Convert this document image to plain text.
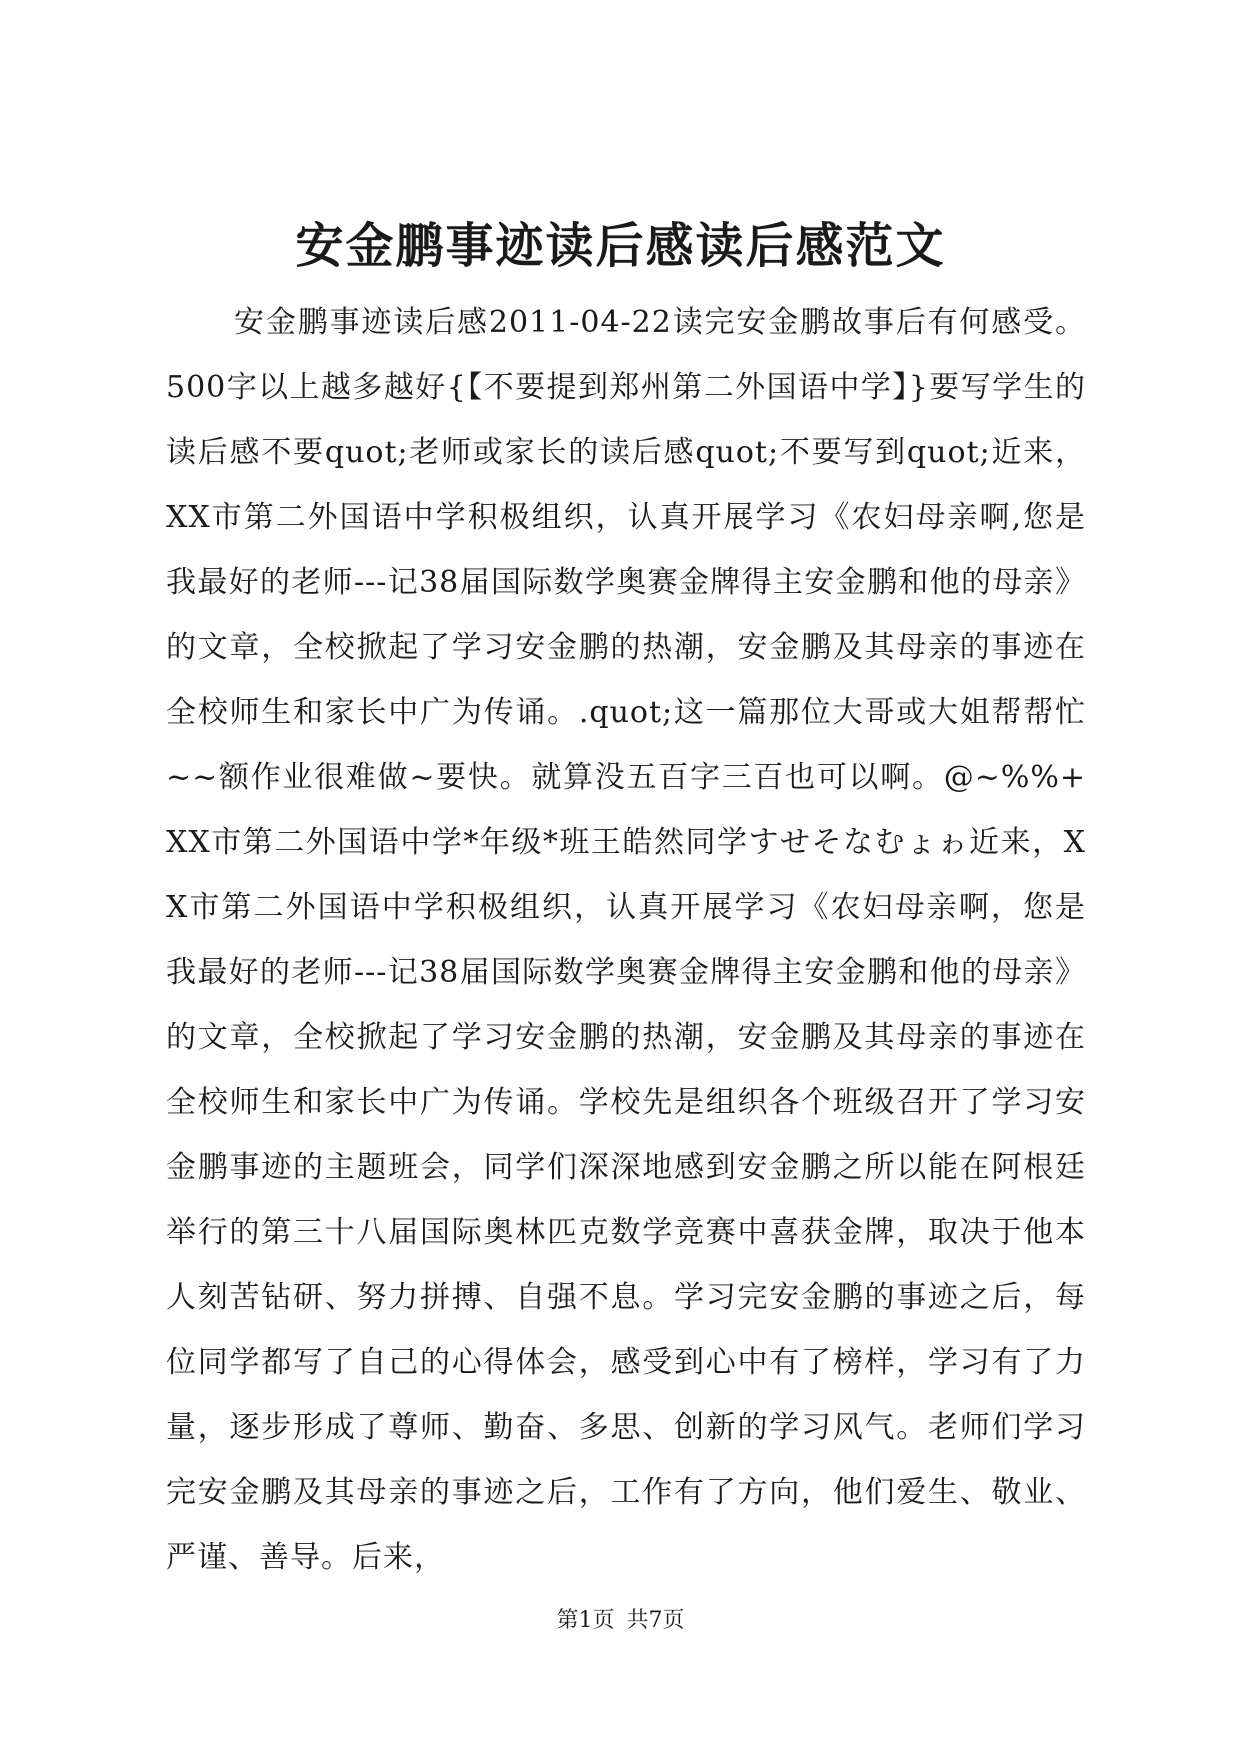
安金鹏事迹读后感读后感范文

安金鹏事迹读后感2011-04-22读完安金鹏故事后有何感受。500字以上越多越好{【不要提到郑州第二外国语中学】}要写学生的读后感不要quot;老师或家长的读后感quot;不要写到quot;近来，XX市第二外国语中学积极组织，认真开展学习《农妇母亲啊,您是我最好的老师---记38届国际数学奥赛金牌得主安金鹏和他的母亲》的文章，全校掀起了学习安金鹏的热潮，安金鹏及其母亲的事迹在全校师生和家长中广为传诵。.quot;这一篇那位大哥或大姐帮帮忙~~额作业很难做~要快。就算没五百字三百也可以啊。@~%%+XX市第二外国语中学*年级*班王皓然同学すせそなむょゎ近来，XX市第二外国语中学积极组织，认真开展学习《农妇母亲啊，您是我最好的老师---记38届国际数学奥赛金牌得主安金鹏和他的母亲》的文章，全校掀起了学习安金鹏的热潮，安金鹏及其母亲的事迹在全校师生和家长中广为传诵。学校先是组织各个班级召开了学习安金鹏事迹的主题班会，同学们深深地感到安金鹏之所以能在阿根廷举行的第三十八届国际奥林匹克数学竞赛中喜获金牌，取决于他本人刻苦钻研、努力拼搏、自强不息。学习完安金鹏的事迹之后，每位同学都写了自己的心得体会，感受到心中有了榜样，学习有了力量，逐步形成了尊师、勤奋、多思、创新的学习风气。老师们学习完安金鹏及其母亲的事迹之后，工作有了方向，他们爱生、敬业、严谨、善导。后来，

第1页 共7页
